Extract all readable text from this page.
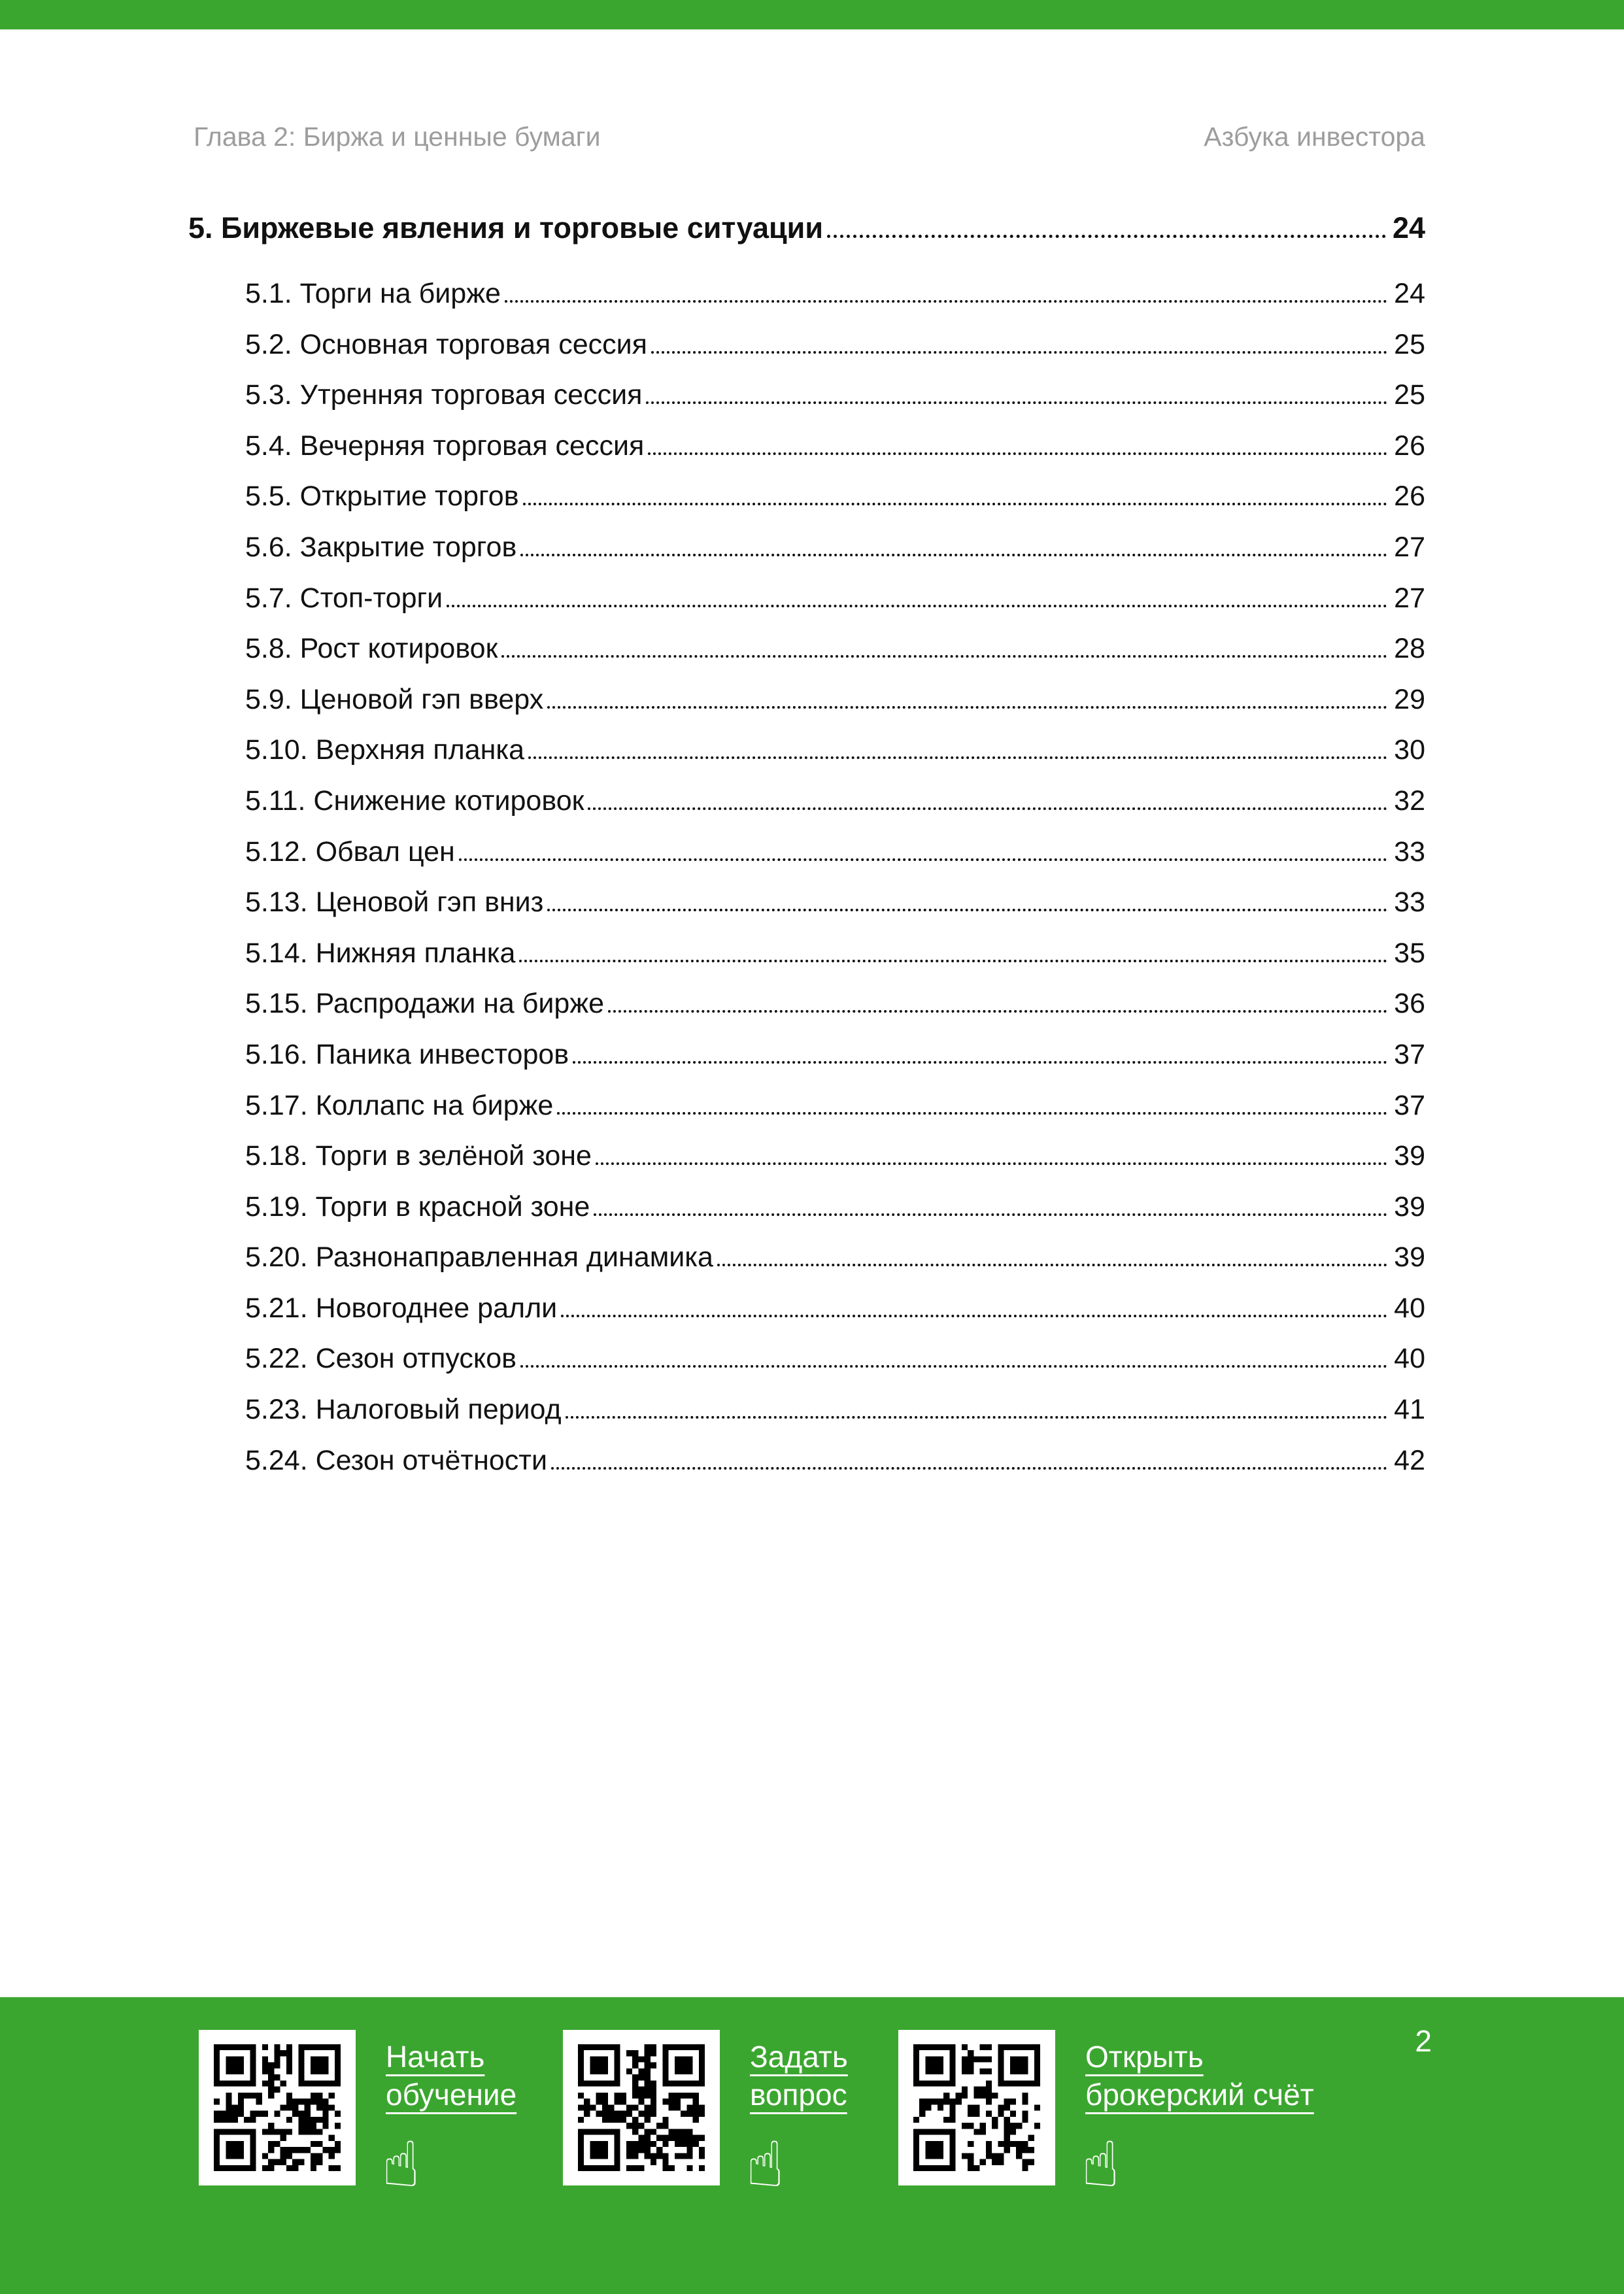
Глава 2: Биржа и ценные бумаги	Азбука инвестора
5. Биржевые явления и торговые ситуации	24
5.1. Торги на бирже	24
5.2. Основная торговая сессия	25
5.3. Утренняя торговая сессия	25
5.4. Вечерняя торговая сессия	26
5.5. Открытие торгов	26
5.6. Закрытие торгов	27
5.7. Стоп-торги	27
5.8. Рост котировок	28
5.9. Ценовой гэп вверх	29
5.10. Верхняя планка	30
5.11. Снижение котировок	32
5.12. Обвал цен	33
5.13. Ценовой гэп вниз	33
5.14. Нижняя планка	35
5.15. Распродажи на бирже	36
5.16. Паника инвесторов	37
5.17. Коллапс на бирже	37
5.18. Торги в зелёной зоне	39
5.19. Торги в красной зоне	39
5.20. Разнонаправленная динамика	39
5.21. Новогоднее ралли	40
5.22. Сезон отпусков	40
5.23. Налоговый период	41
5.24. Сезон отчётности	42
Начать
обучение
☝
Задать
вопрос
☝
Открыть
брокерский счёт
☝
2
